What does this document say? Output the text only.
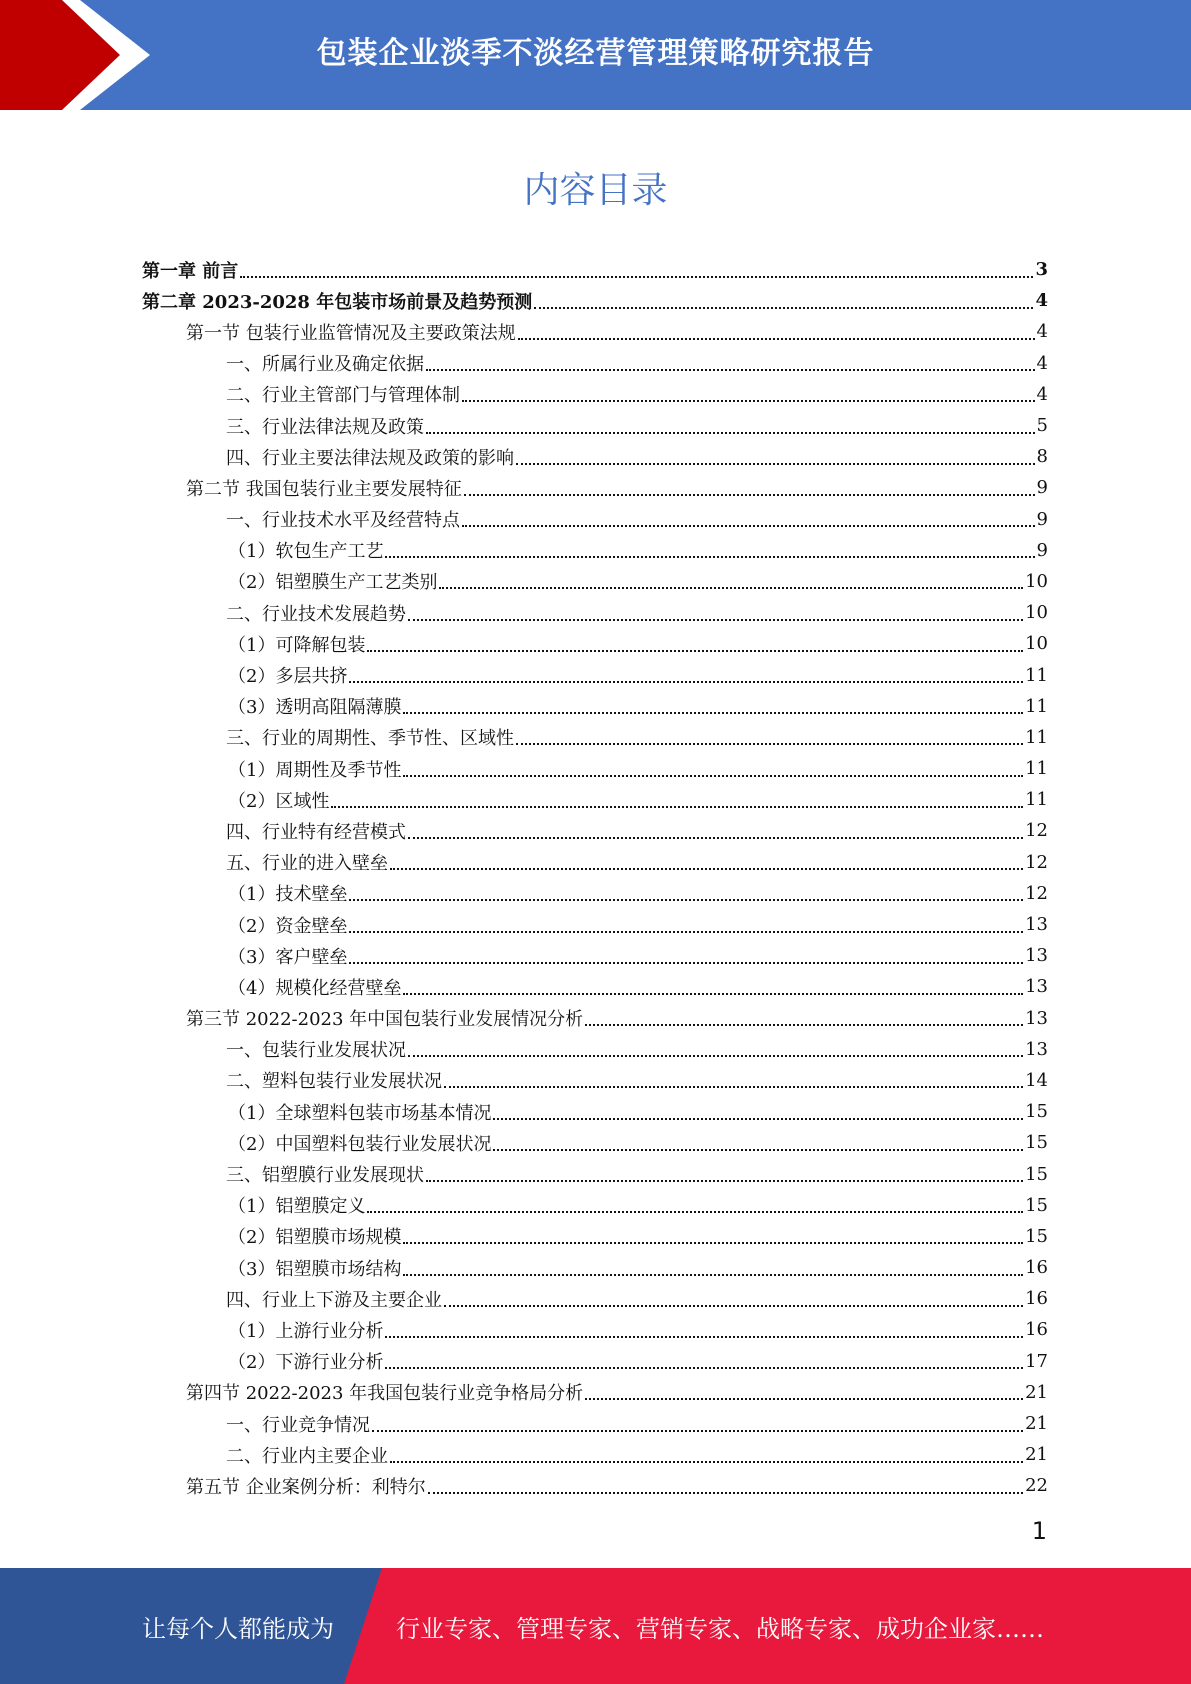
包装企业淡季不淡经营管理策略研究报告
内容目录
第一章 前言	3
第二章 2023-2028 年包装市场前景及趋势预测	4
第一节 包装行业监管情况及主要政策法规	4
一、所属行业及确定依据	4
二、行业主管部门与管理体制	4
三、行业法律法规及政策	5
四、行业主要法律法规及政策的影响	8
第二节 我国包装行业主要发展特征	9
一、行业技术水平及经营特点	9
（1）软包生产工艺	9
（2）铝塑膜生产工艺类别	10
二、行业技术发展趋势	10
（1）可降解包装	10
（2）多层共挤	11
（3）透明高阻隔薄膜	11
三、行业的周期性、季节性、区域性	11
（1）周期性及季节性	11
（2）区域性	11
四、行业特有经营模式	12
五、行业的进入壁垒	12
（1）技术壁垒	12
（2）资金壁垒	13
（3）客户壁垒	13
（4）规模化经营壁垒	13
第三节 2022-2023 年中国包装行业发展情况分析	13
一、包装行业发展状况	13
二、塑料包装行业发展状况	14
（1）全球塑料包装市场基本情况	15
（2）中国塑料包装行业发展状况	15
三、铝塑膜行业发展现状	15
（1）铝塑膜定义	15
（2）铝塑膜市场规模	15
（3）铝塑膜市场结构	16
四、行业上下游及主要企业	16
（1）上游行业分析	16
（2）下游行业分析	17
第四节 2022-2023 年我国包装行业竞争格局分析	21
一、行业竞争情况	21
二、行业内主要企业	21
第五节 企业案例分析：利特尔	22
1
让每个人都能成为	行业专家、管理专家、营销专家、战略专家、成功企业家……
